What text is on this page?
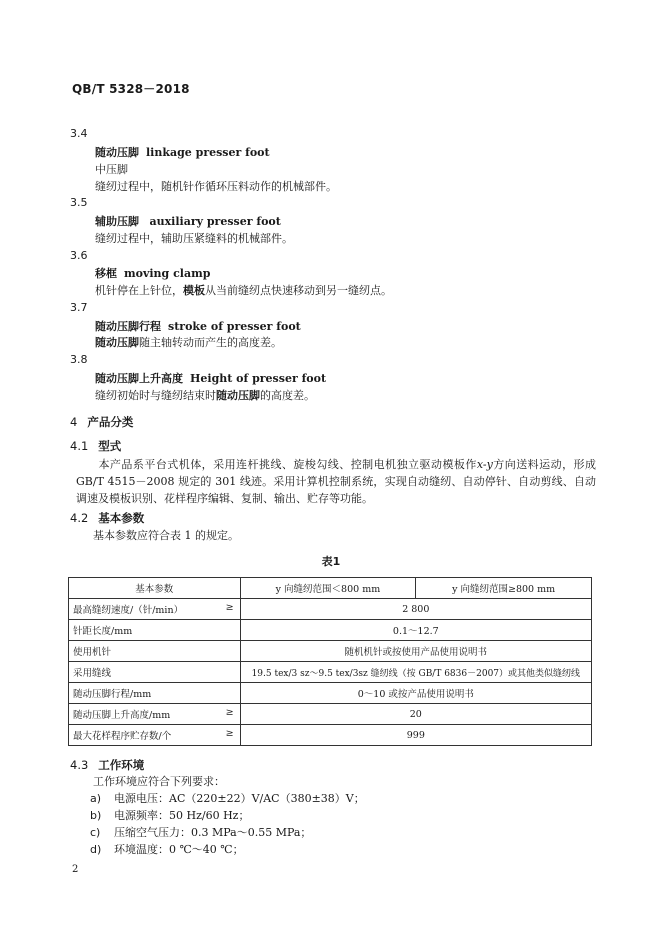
QB/T 5328－2018
3.4
随动压脚 linkage presser foot
中压脚
缝纫过程中，随机针作循环压料动作的机械部件。
3.5
辅助压脚 auxiliary presser foot
缝纫过程中，辅助压紧缝料的机械部件。
3.6
移框 moving clamp
机针停在上针位，模板从当前缝纫点快速移动到另一缝纫点。
3.7
随动压脚行程 stroke of presser foot
随动压脚随主轴转动而产生的高度差。
3.8
随动压脚上升高度 Height of presser foot
缝纫初始时与缝纫结束时随动压脚的高度差。
4 产品分类
4.1 型式
本产品系平台式机体，采用连杆挑线、旋梭勾线、控制电机独立驱动模板作x-y方向送料运动，形成 GB/T 4515－2008 规定的 301 线迹。采用计算机控制系统，实现自动缝纫、自动停针、自动剪线、自动调速及模板识别、花样程序编辑、复制、输出、贮存等功能。
4.2 基本参数
基本参数应符合表 1 的规定。
表1
基本参数	y 向缝纫范围＜800 mm	y 向缝纫范围≥800 mm
最高缝纫速度/（针/min） ≥	2 800	
针距长度/mm	0.1～12.7	
使用机针	随机机针或按使用产品使用说明书	
采用缝线	19.5 tex/3 sz～9.5 tex/3sz 缝纫线（按 GB/T 6836－2007）或其他类似缝纫线	
随动压脚行程/mm	0～10 或按产品使用说明书	
随动压脚上升高度/mm ≥	20	
最大花样程序贮存数/个 ≥	999	
4.3 工作环境
工作环境应符合下列要求：
a) 电源电压：AC（220±22）V/AC（380±38）V；
b) 电源频率：50 Hz/60 Hz；
c) 压缩空气压力：0.3 MPa～0.55 MPa；
d) 环境温度：0 ℃～40 ℃；
2
